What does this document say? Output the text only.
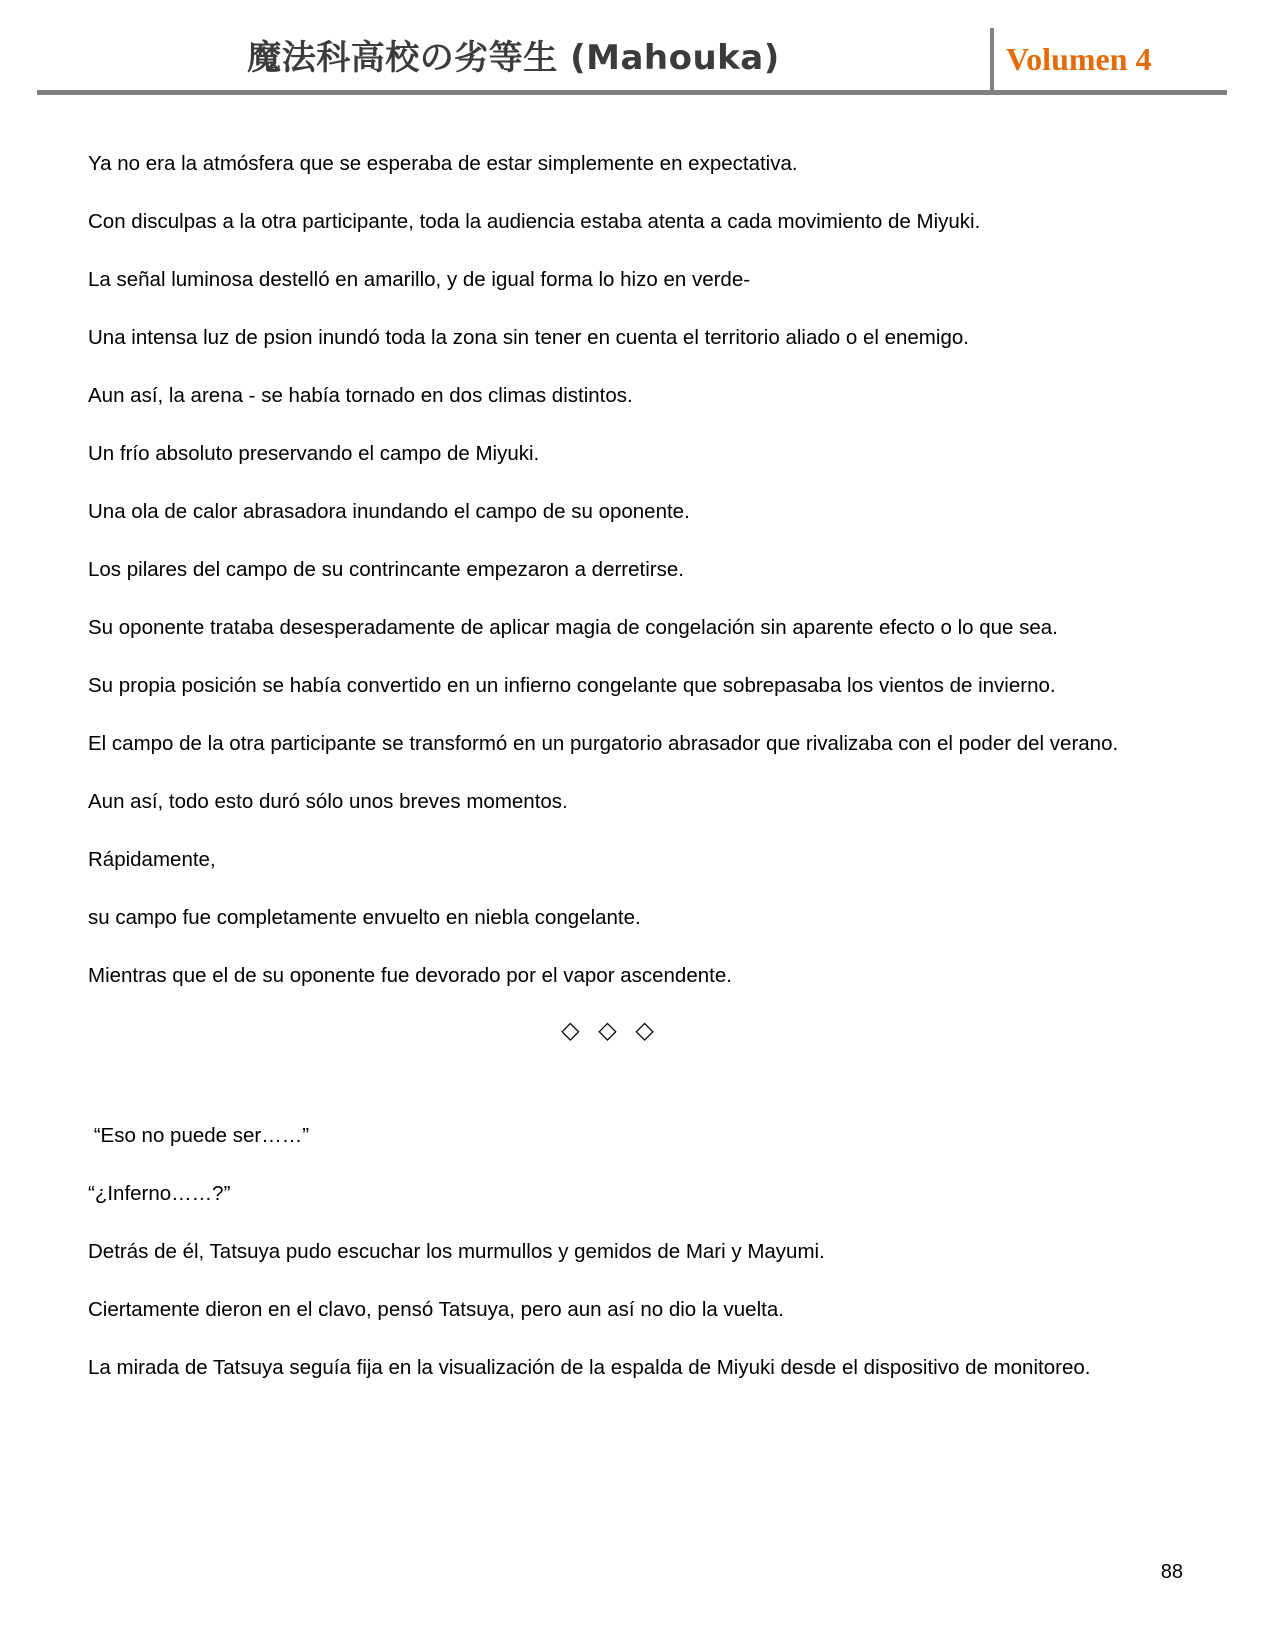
魔法科高校の劣等生 (Mahouka)	Volumen 4

Ya no era la atmósfera que se esperaba de estar simplemente en expectativa.

Con disculpas a la otra participante, toda la audiencia estaba atenta a cada movimiento de Miyuki.

La señal luminosa destelló en amarillo, y de igual forma lo hizo en verde-

Una intensa luz de psion inundó toda la zona sin tener en cuenta el territorio aliado o el enemigo.

Aun así, la arena - se había tornado en dos climas distintos.

Un frío absoluto preservando el campo de Miyuki.

Una ola de calor abrasadora inundando el campo de su oponente.

Los pilares del campo de su contrincante empezaron a derretirse.

Su oponente trataba desesperadamente de aplicar magia de congelación sin aparente efecto o lo que sea.

Su propia posición se había convertido en un infierno congelante que sobrepasaba los vientos de invierno.

El campo de la otra participante se transformó en un purgatorio abrasador que rivalizaba con el poder del verano.

Aun así, todo esto duró sólo unos breves momentos.

Rápidamente,

su campo fue completamente envuelto en niebla congelante.

Mientras que el de su oponente fue devorado por el vapor ascendente.

◇ ◇ ◇

“Eso no puede ser……”

“¿Inferno……?”

Detrás de él, Tatsuya pudo escuchar los murmullos y gemidos de Mari y Mayumi.

Ciertamente dieron en el clavo, pensó Tatsuya, pero aun así no dio la vuelta.

La mirada de Tatsuya seguía fija en la visualización de la espalda de Miyuki desde el dispositivo de monitoreo.

88
